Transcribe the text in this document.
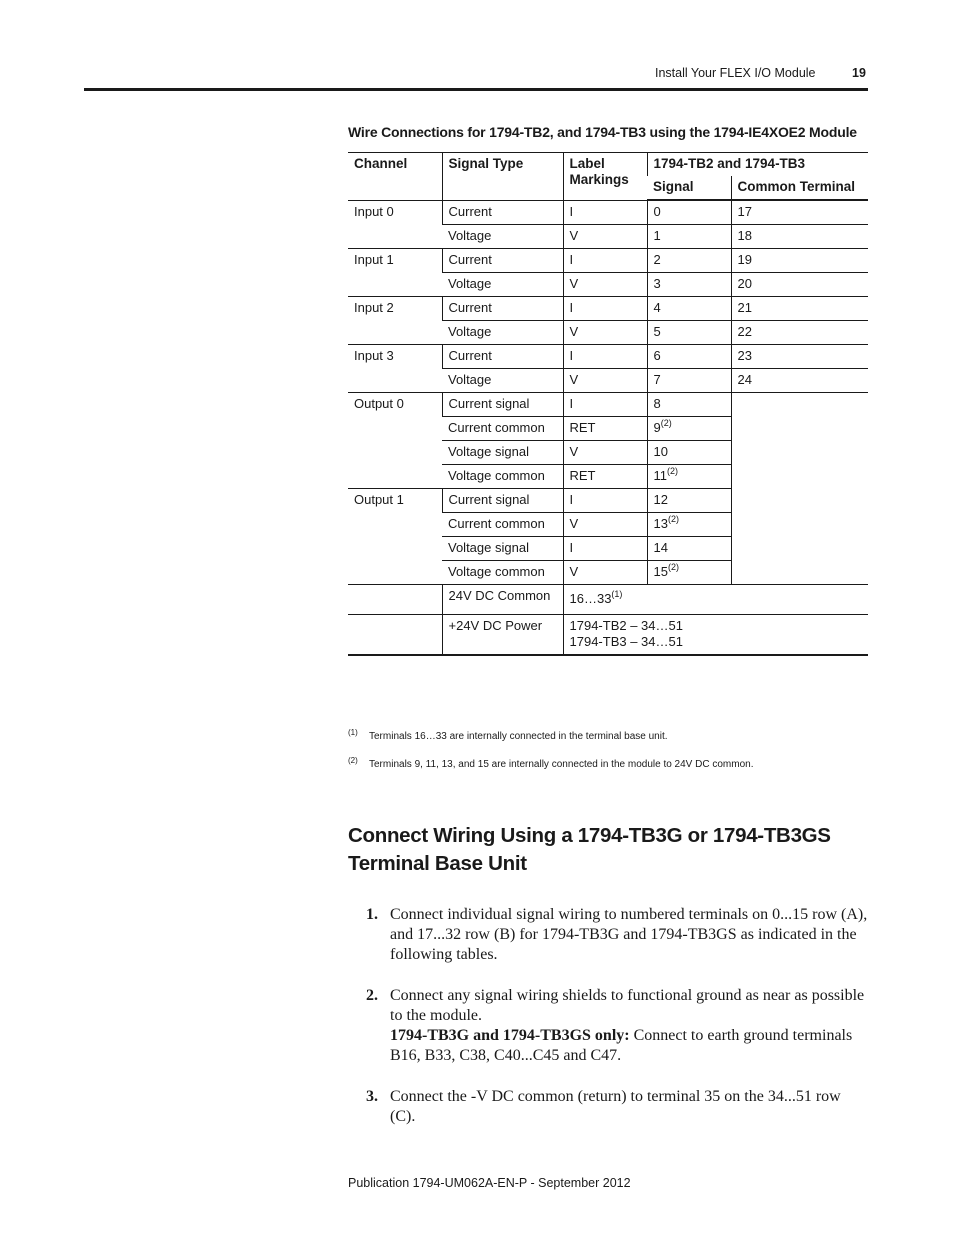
Install Your FLEX I/O Module	19
Wire Connections for 1794-TB2, and 1794-TB3 using the 1794-IE4XOE2 Module
Channel	Signal Type	Label Markings	1794-TB2 and 1794-TB3	
			Signal	Common Terminal
Input 0	Current	I	0	17
	Voltage	V	1	18
Input 1	Current	I	2	19
	Voltage	V	3	20
Input 2	Current	I	4	21
	Voltage	V	5	22
Input 3	Current	I	6	23
	Voltage	V	7	24
Output 0	Current signal	I	8	
	Current common	RET	9$^{(2)}$
	Voltage signal	V	10	
	Voltage common	RET	11$^{(2)}$
Output 1	Current signal	I	12	
	Current common	V	13$^{(2)}$
	Voltage signal	I	14	
	Voltage common	V	15$^{(2)}$
	24V DC Common	16…33$^{(1)}$
	+24V DC Power	1794-TB2 – 34…51
1794-TB3 – 34…51		
(1) Terminals 16…33 are internally connected in the terminal base unit.
(2) Terminals 9, 11, 13, and 15 are internally connected in the module to 24V DC common.
Connect Wiring Using a 1794-TB3G or 1794-TB3GS Terminal Base Unit
1. Connect individual signal wiring to numbered terminals on 0...15 row (A), and 17...32 row (B) for 1794-TB3G and 1794-TB3GS as indicated in the following tables.
2. Connect any signal wiring shields to functional ground as near as possible to the module.
1794-TB3G and 1794-TB3GS only: Connect to earth ground terminals B16, B33, C38, C40...C45 and C47.
3. Connect the -V DC common (return) to terminal 35 on the 34...51 row (C).
Publication 1794-UM062A-EN-P - September 2012
